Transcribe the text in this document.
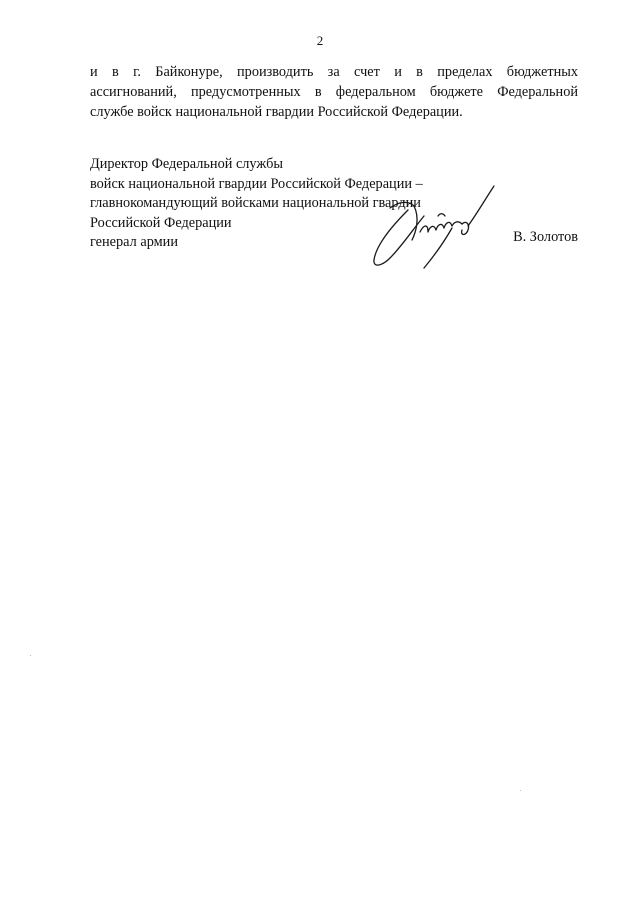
2
и в г. Байконуре, производить за счет и в пределах бюджетных
ассигнований, предусмотренных в федеральном бюджете Федеральной
службе войск национальной гвардии Российской Федерации.
Директор Федеральной службы
войск национальной гвардии Российской Федерации –
главнокомандующий войсками национальной гвардии
Российской Федерации
генерал армии	В. Золотов
